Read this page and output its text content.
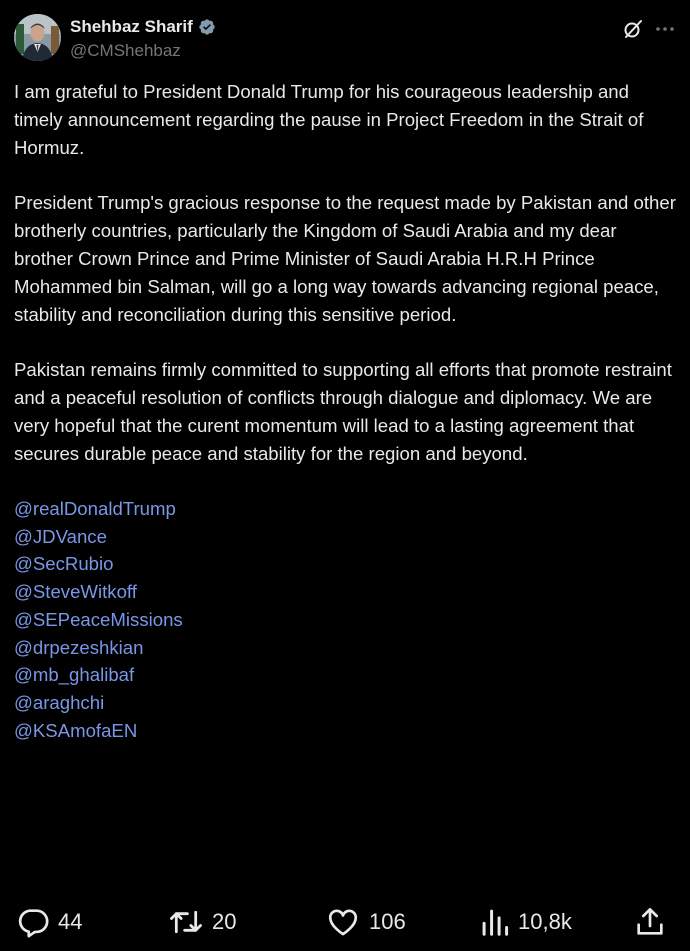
Shehbaz Sharif
@CMShehbaz

I am grateful to President Donald Trump for his courageous leadership and timely announcement regarding the pause in Project Freedom in the Strait of Hormuz.

President Trump's gracious response to the request made by Pakistan and other brotherly countries, particularly the Kingdom of Saudi Arabia and my dear brother Crown Prince and Prime Minister of Saudi Arabia H.R.H Prince Mohammed bin Salman, will go a long way towards advancing regional peace, stability and reconciliation during this sensitive period.

Pakistan remains firmly committed to supporting all efforts that promote restraint and a peaceful resolution of conflicts through dialogue and diplomacy. We are very hopeful that the curent momentum will lead to a lasting agreement that secures durable peace and stability for the region and beyond.

@realDonaldTrump
@JDVance
@SecRubio
@SteveWitkoff
@SEPeaceMissions
@drpezeshkian
@mb_ghalibaf
@araghchi
@KSAmofaEN
44	20	106	10,8k
